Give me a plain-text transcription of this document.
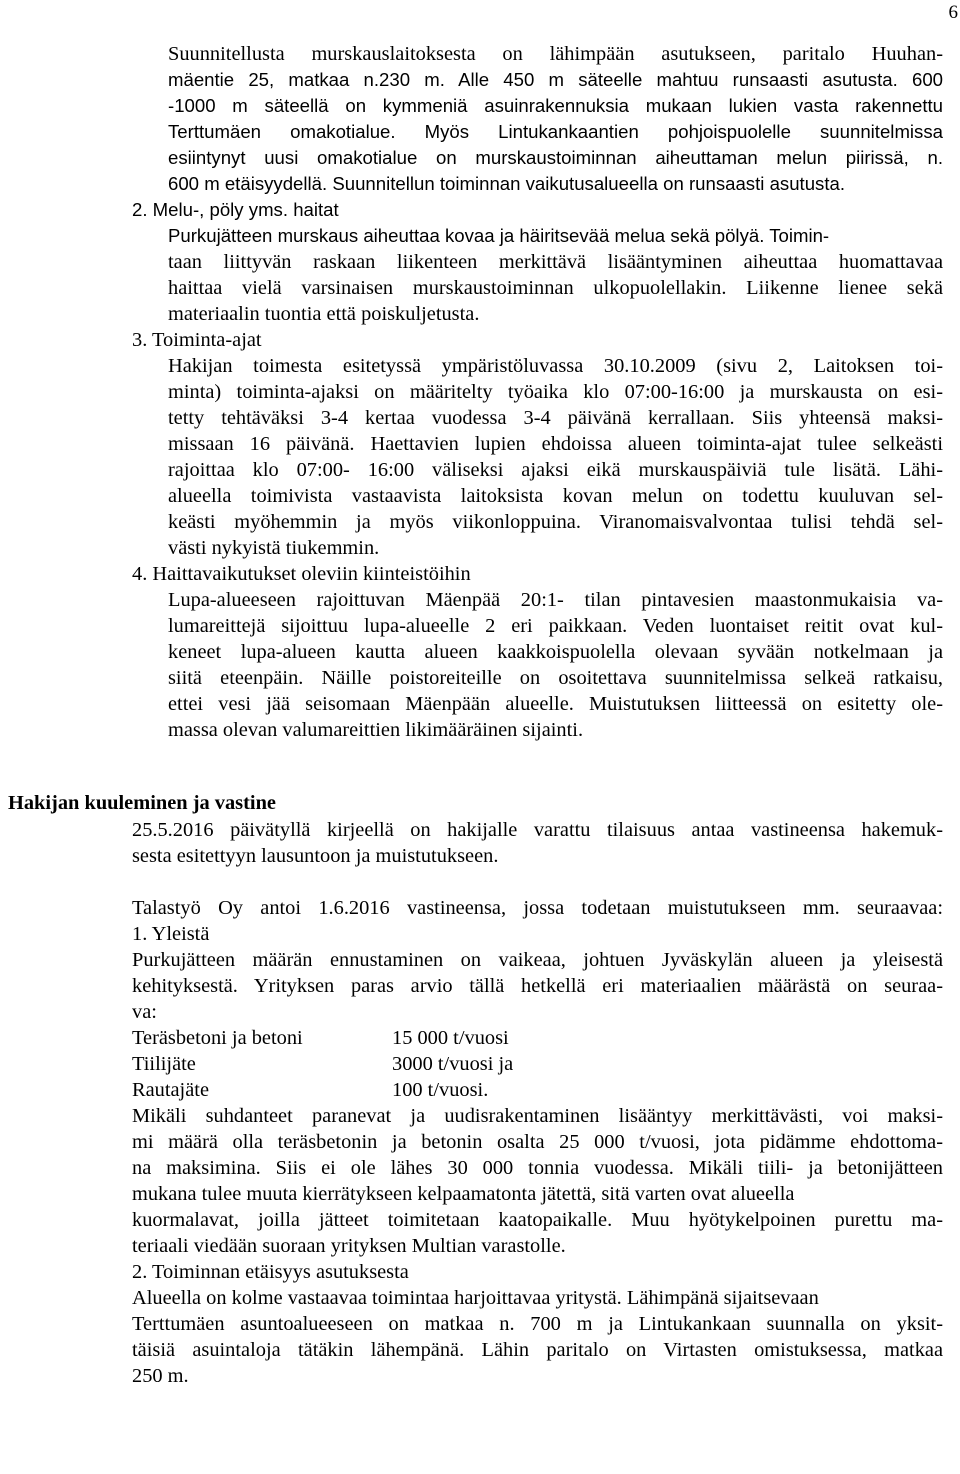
6
Suunnitellusta murskauslaitoksesta on lähimpään asutukseen, paritalo Huuhan-
mäentie 25, matkaa n.230 m. Alle 450 m säteelle mahtuu runsaasti asutusta. 600
-1000 m säteellä on kymmeniä asuinrakennuksia mukaan lukien vasta rakennettu
Terttumäen omakotialue. Myös Lintukankaantien pohjoispuolelle suunnitelmissa
esiintynyt uusi omakotialue on murskaustoiminnan aiheuttaman melun piirissä, n.
600 m etäisyydellä. Suunnitellun toiminnan vaikutusalueella on runsaasti asutusta.
2. Melu-, pöly yms. haitat
Purkujätteen murskaus aiheuttaa kovaa ja häiritsevää melua sekä pölyä. Toimin-
taan liittyvän raskaan liikenteen merkittävä lisääntyminen aiheuttaa huomattavaa
haittaa vielä varsinaisen murskaustoiminnan ulkopuolellakin. Liikenne lienee sekä
materiaalin tuontia että poiskuljetusta.
3. Toiminta-ajat
Hakijan toimesta esitetyssä ympäristöluvassa 30.10.2009 (sivu 2, Laitoksen toi-
minta) toiminta-ajaksi on määritelty työaika klo 07:00-16:00 ja murskausta on esi-
tetty tehtäväksi 3-4 kertaa vuodessa 3-4 päivänä kerrallaan. Siis yhteensä maksi-
missaan 16 päivänä. Haettavien lupien ehdoissa alueen toiminta-ajat tulee selkeästi
rajoittaa klo 07:00- 16:00 väliseksi ajaksi eikä murskauspäiviä tule lisätä. Lähi-
alueella toimivista vastaavista laitoksista kovan melun on todettu kuuluvan sel-
keästi myöhemmin ja myös viikonloppuina. Viranomaisvalvontaa tulisi tehdä sel-
västi nykyistä tiukemmin.
4. Haittavaikutukset oleviin kiinteistöihin
Lupa-alueeseen rajoittuvan Mäenpää 20:1- tilan pintavesien maastonmukaisia va-
lumareittejä sijoittuu lupa-alueelle 2 eri paikkaan. Veden luontaiset reitit ovat kul-
keneet lupa-alueen kautta alueen kaakkoispuolella olevaan syvään notkelmaan ja
siitä eteenpäin. Näille poistoreiteille on osoitettava suunnitelmissa selkeä ratkaisu,
ettei vesi jää seisomaan Mäenpään alueelle. Muistutuksen liitteessä on esitetty ole-
massa olevan valumareittien likimääräinen sijainti.
Hakijan kuuleminen ja vastine
25.5.2016 päivätyllä kirjeellä on hakijalle varattu tilaisuus antaa vastineensa hakemuk-
sesta esitettyyn lausuntoon ja muistutukseen.
Talastyö Oy antoi 1.6.2016 vastineensa, jossa todetaan muistutukseen mm. seuraavaa:
1. Yleistä
Purkujätteen määrän ennustaminen on vaikeaa, johtuen Jyväskylän alueen ja yleisestä
kehityksestä. Yrityksen paras arvio tällä hetkellä eri materiaalien määrästä on seuraa-
va:
Teräsbetoni ja betoni	15 000 t/vuosi
Tiilijäte	3000 t/vuosi ja
Rautajäte	100 t/vuosi.
Mikäli suhdanteet paranevat ja uudisrakentaminen lisääntyy merkittävästi, voi maksi-
mi määrä olla teräsbetonin ja betonin osalta 25 000 t/vuosi, jota pidämme ehdottoma-
na maksimina. Siis ei ole lähes 30 000 tonnia vuodessa. Mikäli tiili- ja betonijätteen
mukana tulee muuta kierrätykseen kelpaamatonta jätettä, sitä varten ovat alueella
kuormalavat, joilla jätteet toimitetaan kaatopaikalle. Muu hyötykelpoinen purettu ma-
teriaali viedään suoraan yrityksen Multian varastolle.
2. Toiminnan etäisyys asutuksesta
Alueella on kolme vastaavaa toimintaa harjoittavaa yritystä. Lähimpänä sijaitsevaan
Terttumäen asuntoalueeseen on matkaa n. 700 m ja Lintukankaan suunnalla on yksit-
täisiä asuintaloja tätäkin lähempänä. Lähin paritalo on Virtasten omistuksessa, matkaa
250 m.
